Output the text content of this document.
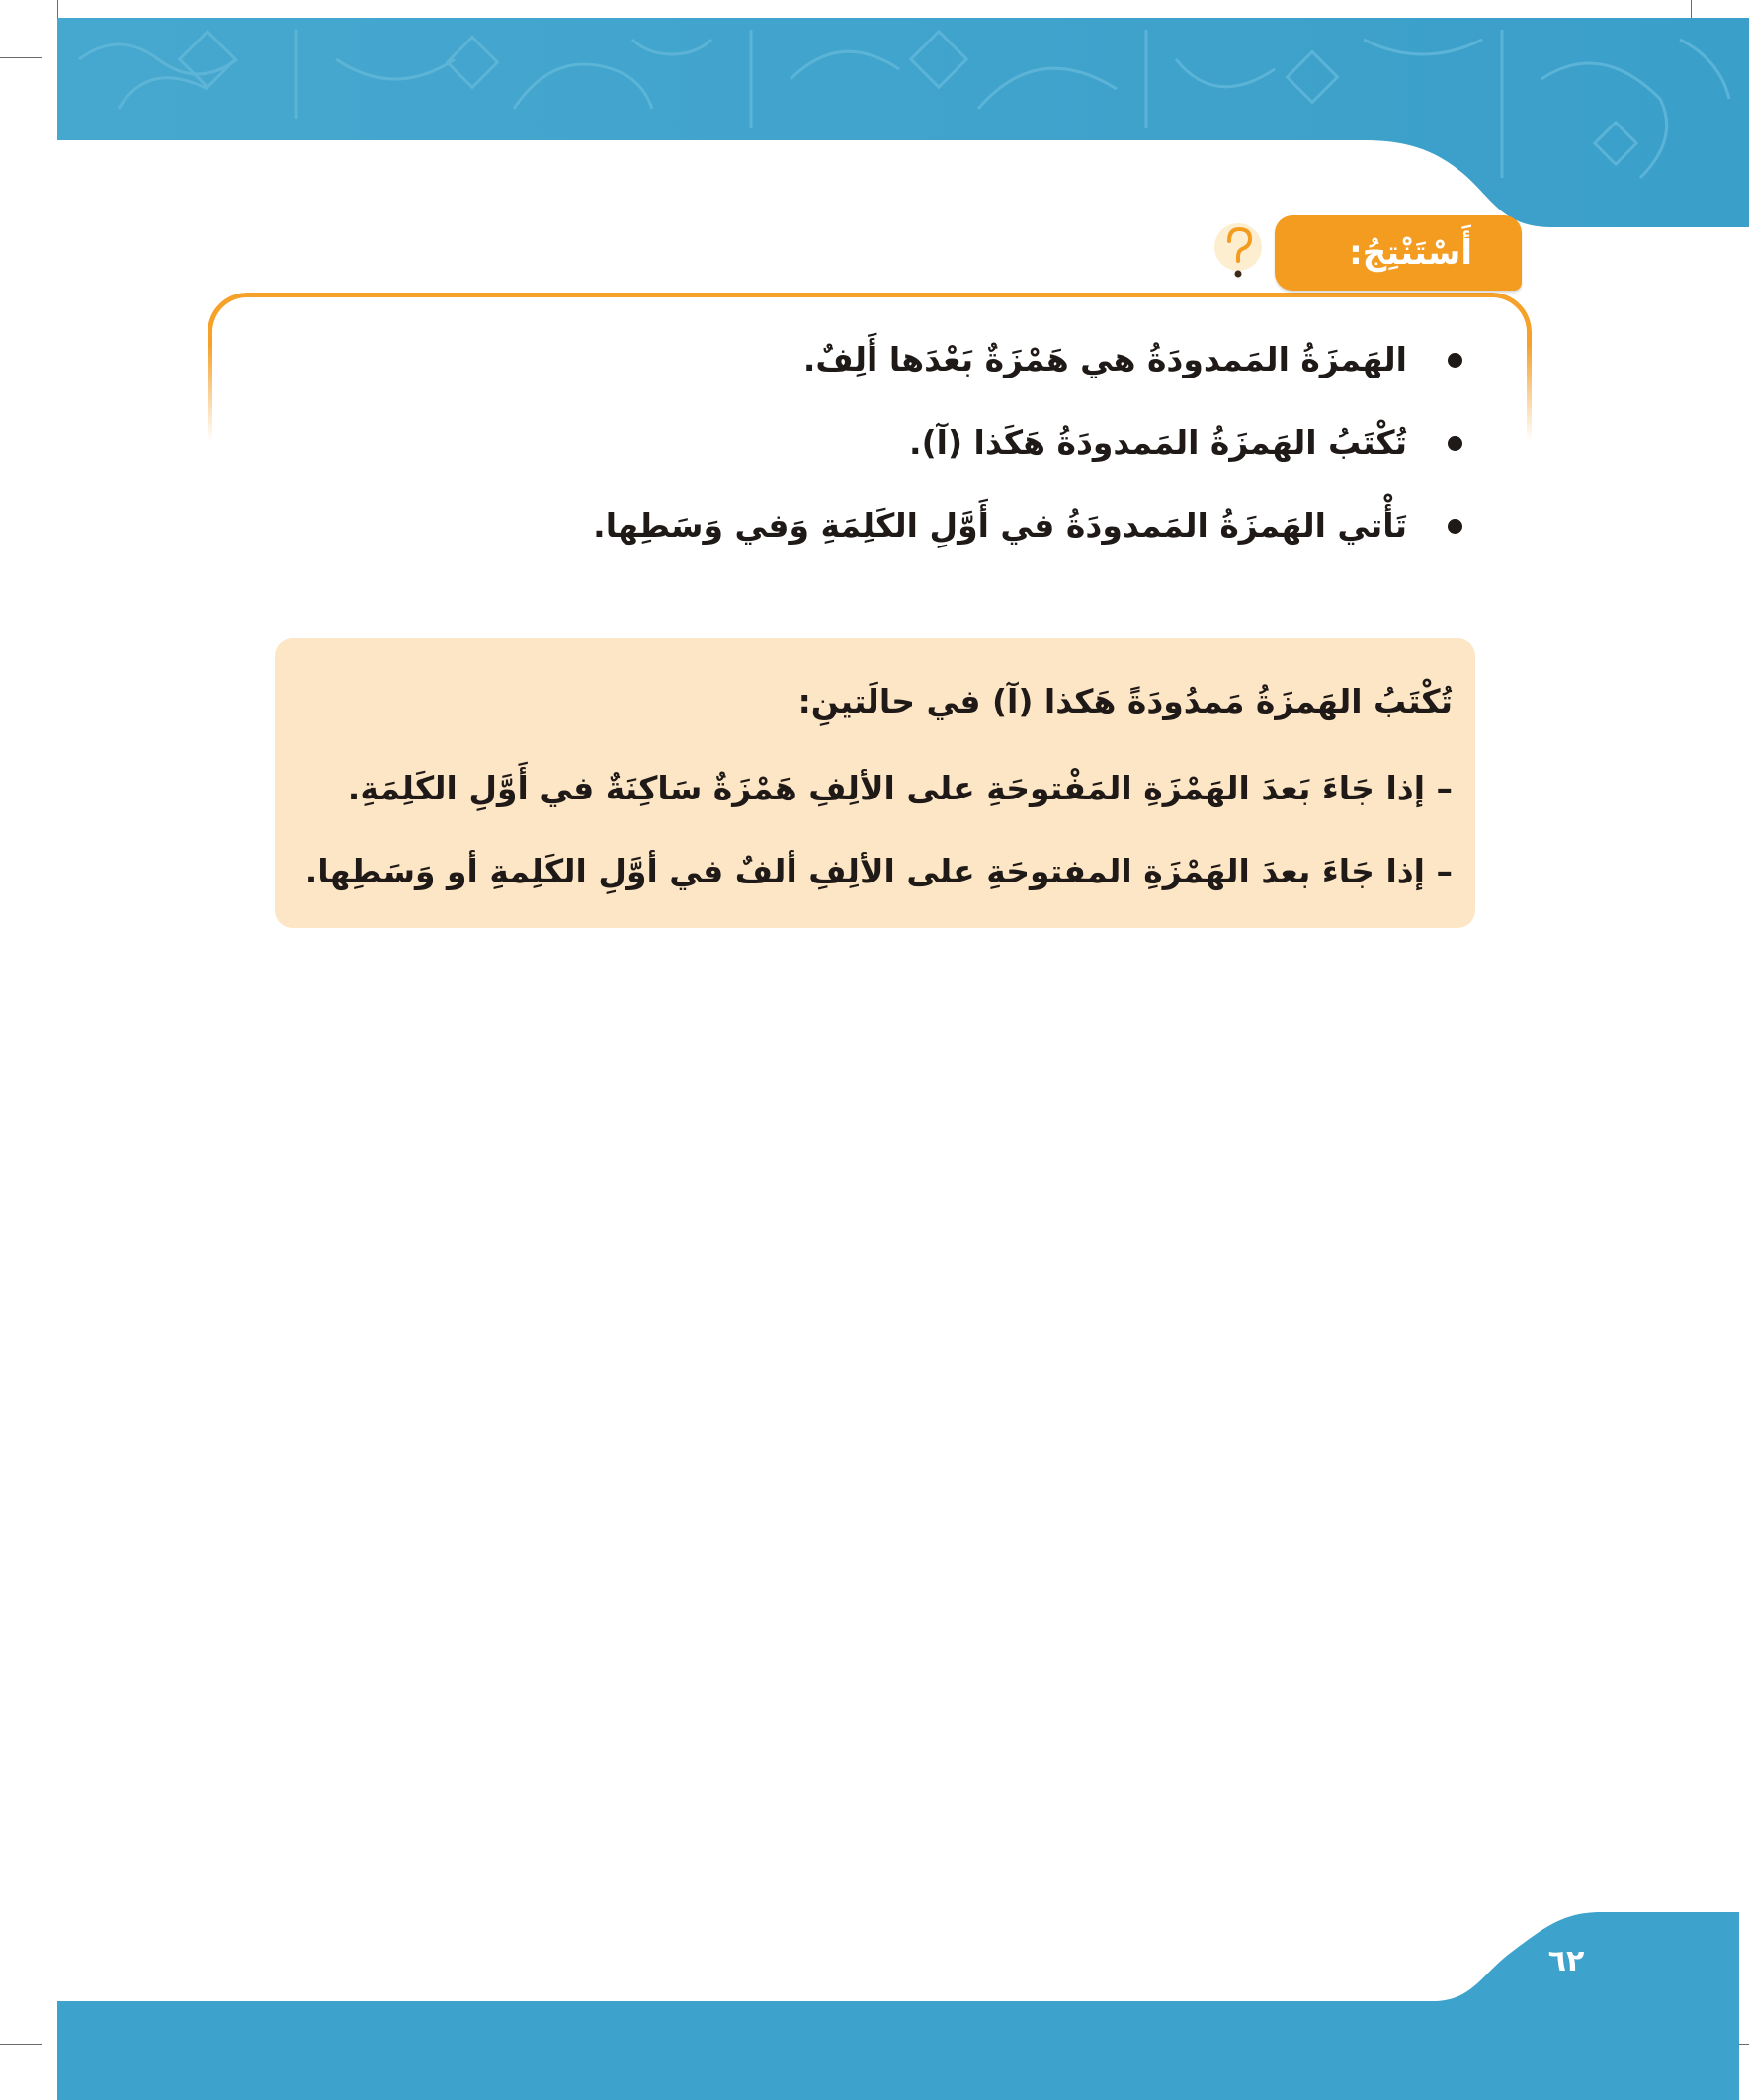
أَسْتَنْتِجُ:
الهَمزَةُ المَمدودَةُ هي هَمْزَةٌ بَعْدَها أَلِفٌ.
تُكْتَبُ الهَمزَةُ المَمدودَةُ هَكَذا (آ).
تَأْتي الهَمزَةُ المَمدودَةُ في أَوَّلِ الكَلِمَةِ وَفي وَسَطِها.
تُكْتَبُ الهَمزَةُ مَمدُودَةً هَكذا (آ) في حالَتينِ:
– إذا جَاءَ بَعدَ الهَمْزَةِ المَفْتوحَةِ على الألِفِ هَمْزَةٌ سَاكِنَةٌ في أَوَّلِ الكَلِمَةِ.
– إذا جَاءَ بعدَ الهَمْزَةِ المفتوحَةِ على الألِفِ ألفٌ في أوَّلِ الكَلِمةِ أو وَسَطِها.
٦٢
